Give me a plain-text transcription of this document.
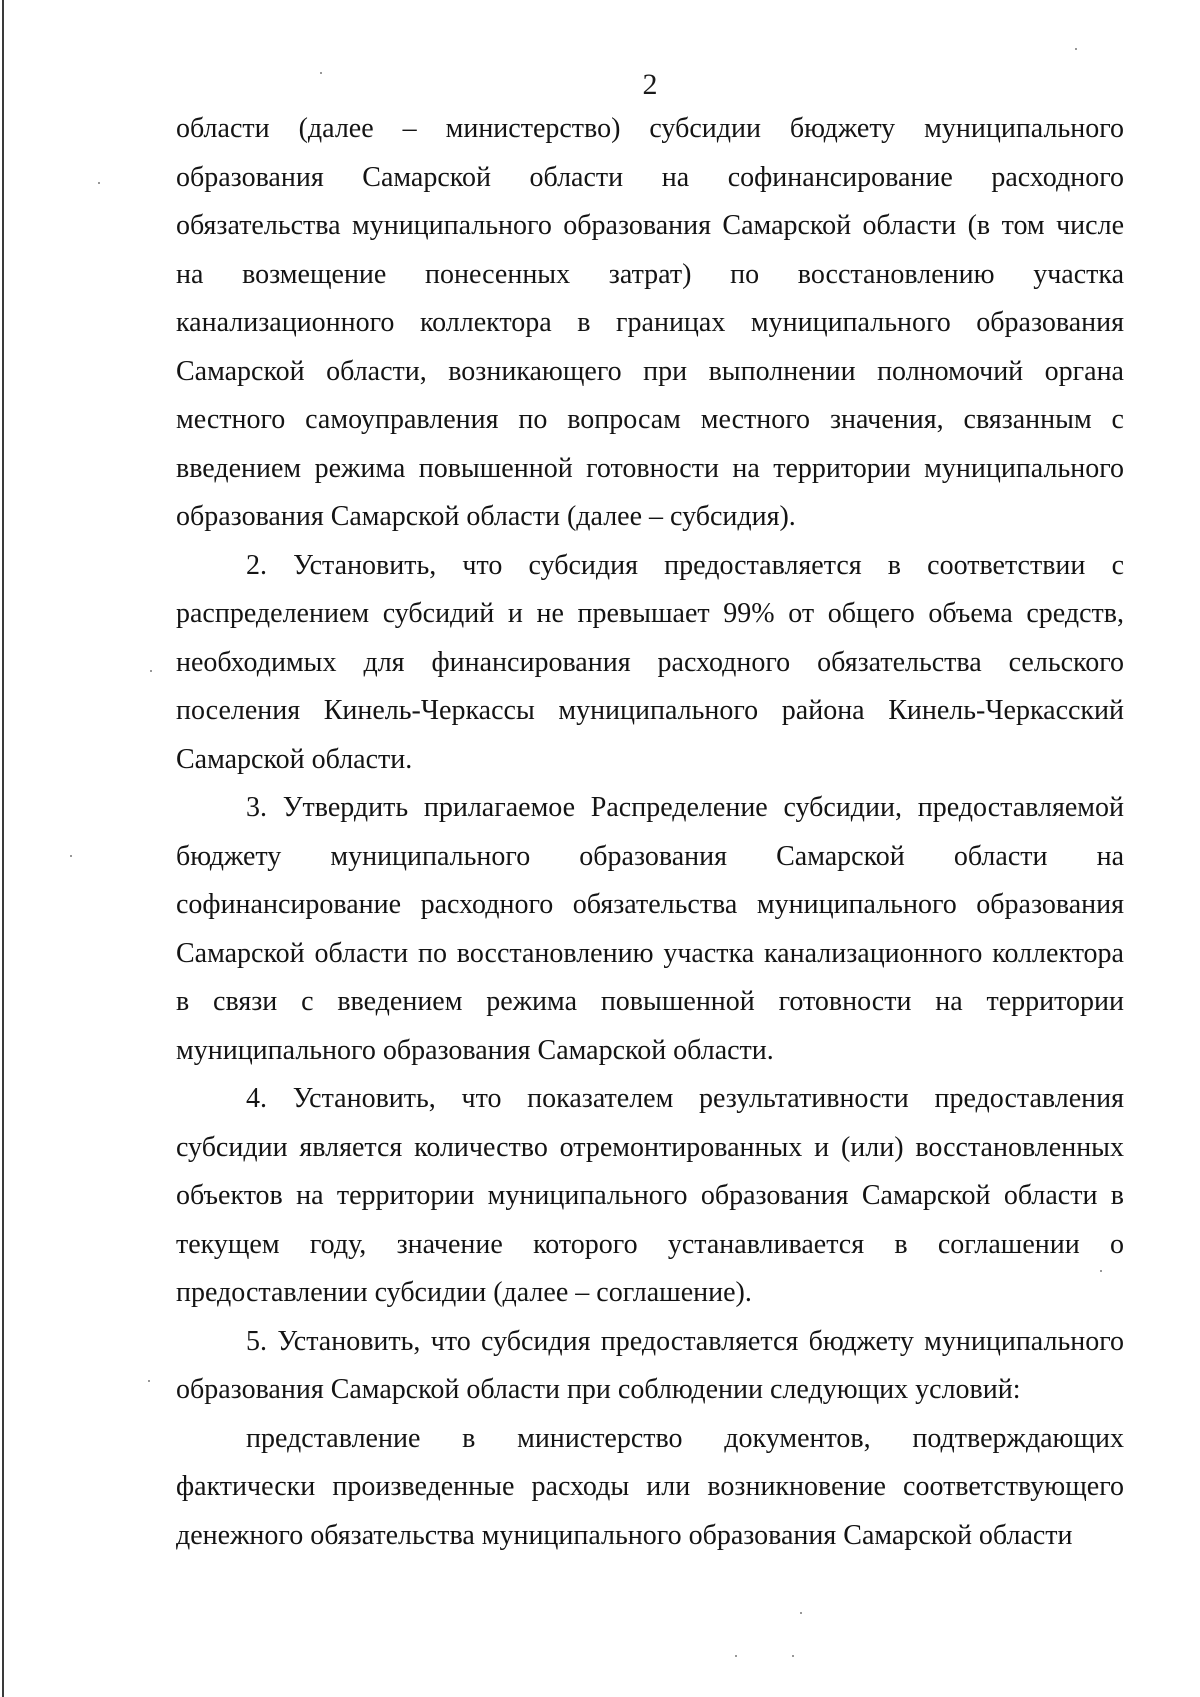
2

области (далее – министерство) субсидии бюджету муниципального образования Самарской области на софинансирование расходного обязательства муниципального образования Самарской области (в том числе на возмещение понесенных затрат) по восстановлению участка канализационного коллектора в границах муниципального образования Самарской области, возникающего при выполнении полномочий органа местного самоуправления по вопросам местного значения, связанным с введением режима повышенной готовности на территории муниципального образования Самарской области (далее – субсидия).

2. Установить, что субсидия предоставляется в соответствии с распределением субсидий и не превышает 99% от общего объема средств, необходимых для финансирования расходного обязательства сельского поселения Кинель-Черкассы муниципального района Кинель-Черкасский Самарской области.

3. Утвердить прилагаемое Распределение субсидии, предоставляемой бюджету муниципального образования Самарской области на софинансирование расходного обязательства муниципального образования Самарской области по восстановлению участка канализационного коллектора в связи с введением режима повышенной готовности на территории муниципального образования Самарской области.

4. Установить, что показателем результативности предоставления субсидии является количество отремонтированных и (или) восстановленных объектов на территории муниципального образования Самарской области в текущем году, значение которого устанавливается в соглашении о предоставлении субсидии (далее – соглашение).

5. Установить, что субсидия предоставляется бюджету муниципального образования Самарской области при соблюдении следующих условий:

представление в министерство документов, подтверждающих фактически произведенные расходы или возникновение соответствующего денежного обязательства муниципального образования Самарской области
